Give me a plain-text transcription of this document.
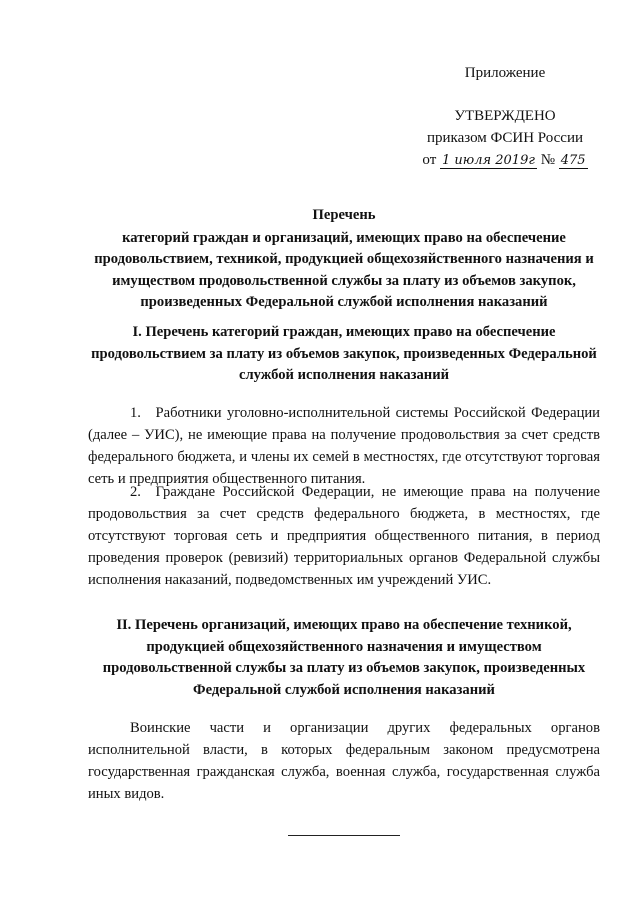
Приложение
УТВЕРЖДЕНО
приказом ФСИН России
от 1 июля 2019г № 475
Перечень
категорий граждан и организаций, имеющих право на обеспечение продовольствием, техникой, продукцией общехозяйственного назначения и имуществом продовольственной службы за плату из объемов закупок, произведенных Федеральной службой исполнения наказаний
I. Перечень категорий граждан, имеющих право на обеспечение продовольствием за плату из объемов закупок, произведенных Федеральной службой исполнения наказаний

1. Работники уголовно-исполнительной системы Российской Федерации (далее – УИС), не имеющие права на получение продовольствия за счет средств федерального бюджета, и члены их семей в местностях, где отсутствуют торговая сеть и предприятия общественного питания.

2. Граждане Российской Федерации, не имеющие права на получение продовольствия за счет средств федерального бюджета, в местностях, где отсутствуют торговая сеть и предприятия общественного питания, в период проведения проверок (ревизий) территориальных органов Федеральной службы исполнения наказаний, подведомственных им учреждений УИС.

II. Перечень организаций, имеющих право на обеспечение техникой, продукцией общехозяйственного назначения и имуществом продовольственной службы за плату из объемов закупок, произведенных Федеральной службой исполнения наказаний

Воинские части и организации других федеральных органов исполнительной власти, в которых федеральным законом предусмотрена государственная гражданская служба, военная служба, государственная служба иных видов.
